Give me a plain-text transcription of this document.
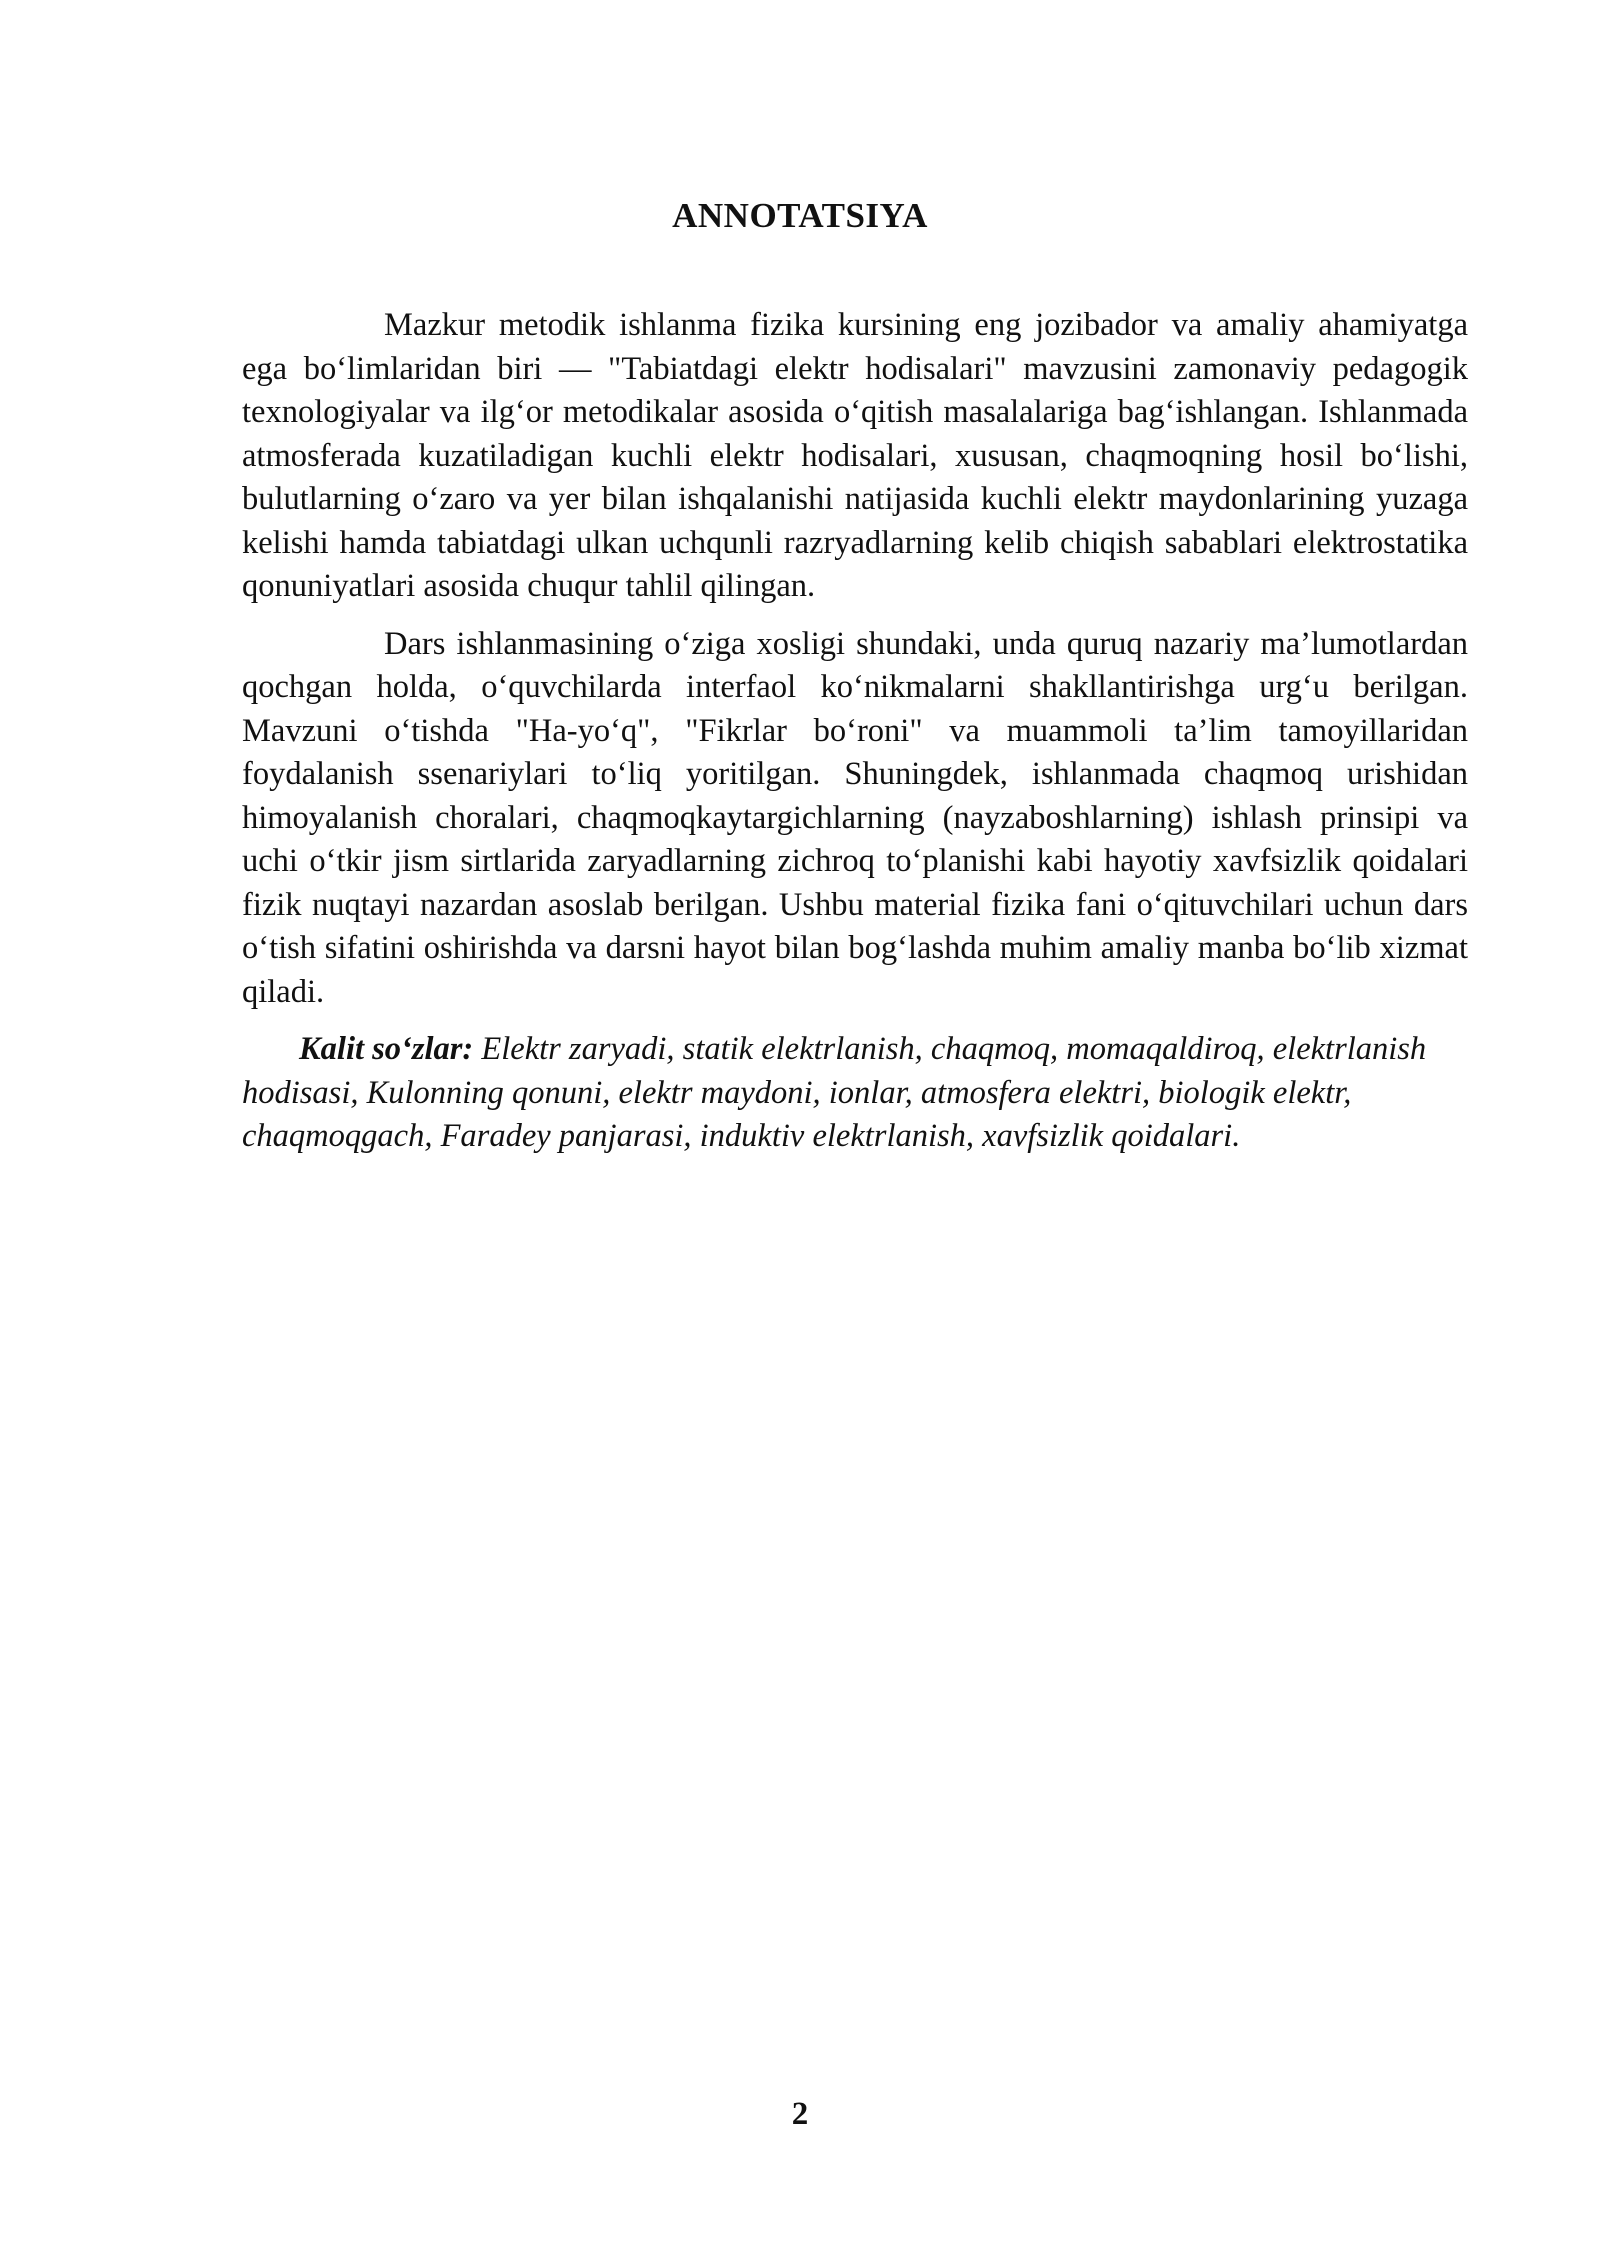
ANNOTATSIYA

Mazkur metodik ishlanma fizika kursining eng jozibador va amaliy ahamiyatga ega bo‘limlaridan biri — "Tabiatdagi elektr hodisalari" mavzusini zamonaviy pedagogik texnologiyalar va ilg‘or metodikalar asosida o‘qitish masalalariga bag‘ishlangan. Ishlanmada atmosferada kuzatiladigan kuchli elektr hodisalari, xususan, chaqmoqning hosil bo‘lishi, bulutlarning o‘zaro va yer bilan ishqalanishi natijasida kuchli elektr maydonlarining yuzaga kelishi hamda tabiatdagi ulkan uchqunli razryadlarning kelib chiqish sabablari elektrostatika qonuniyatlari asosida chuqur tahlil qilingan.

Dars ishlanmasining o‘ziga xosligi shundaki, unda quruq nazariy ma’lumotlardan qochgan holda, o‘quvchilarda interfaol ko‘nikmalarni shakllantirishga urg‘u berilgan. Mavzuni o‘tishda "Ha-yo‘q", "Fikrlar bo‘roni" va muammoli ta’lim tamoyillaridan foydalanish ssenariylari to‘liq yoritilgan. Shuningdek, ishlanmada chaqmoq urishidan himoyalanish choralari, chaqmoqkaytargichlarning (nayzaboshlarning) ishlash prinsipi va uchi o‘tkir jism sirtlarida zaryadlarning zichroq to‘planishi kabi hayotiy xavfsizlik qoidalari fizik nuqtayi nazardan asoslab berilgan. Ushbu material fizika fani o‘qituvchilari uchun dars o‘tish sifatini oshirishda va darsni hayot bilan bog‘lashda muhim amaliy manba bo‘lib xizmat qiladi.

Kalit so‘zlar: Elektr zaryadi, statik elektrlanish, chaqmoq, momaqaldiroq, elektrlanish hodisasi, Kulonning qonuni, elektr maydoni, ionlar, atmosfera elektri, biologik elektr, chaqmoqgach, Faradey panjarasi, induktiv elektrlanish, xavfsizlik qoidalari.

2
